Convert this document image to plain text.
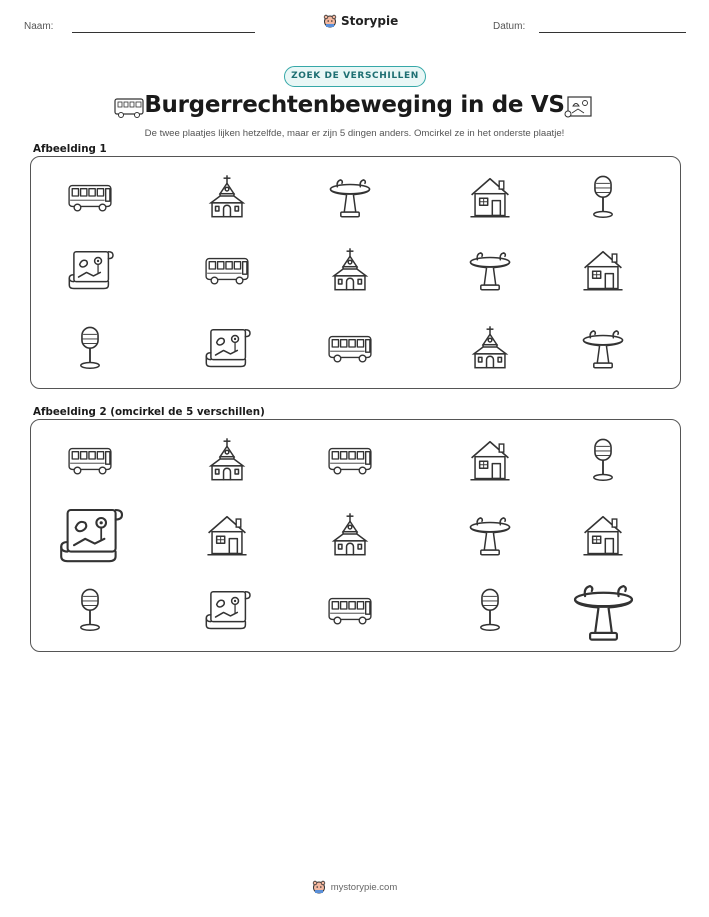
Naam:	Storypie	Datum:
ZOEK DE VERSCHILLEN
Burgerrechtenbeweging in de VS
De twee plaatjes lijken hetzelfde, maar er zijn 5 dingen anders. Omcirkel ze in het onderste plaatje!
Afbeelding 1
Afbeelding 2 (omcirkel de 5 verschillen)
mystorypie.com
